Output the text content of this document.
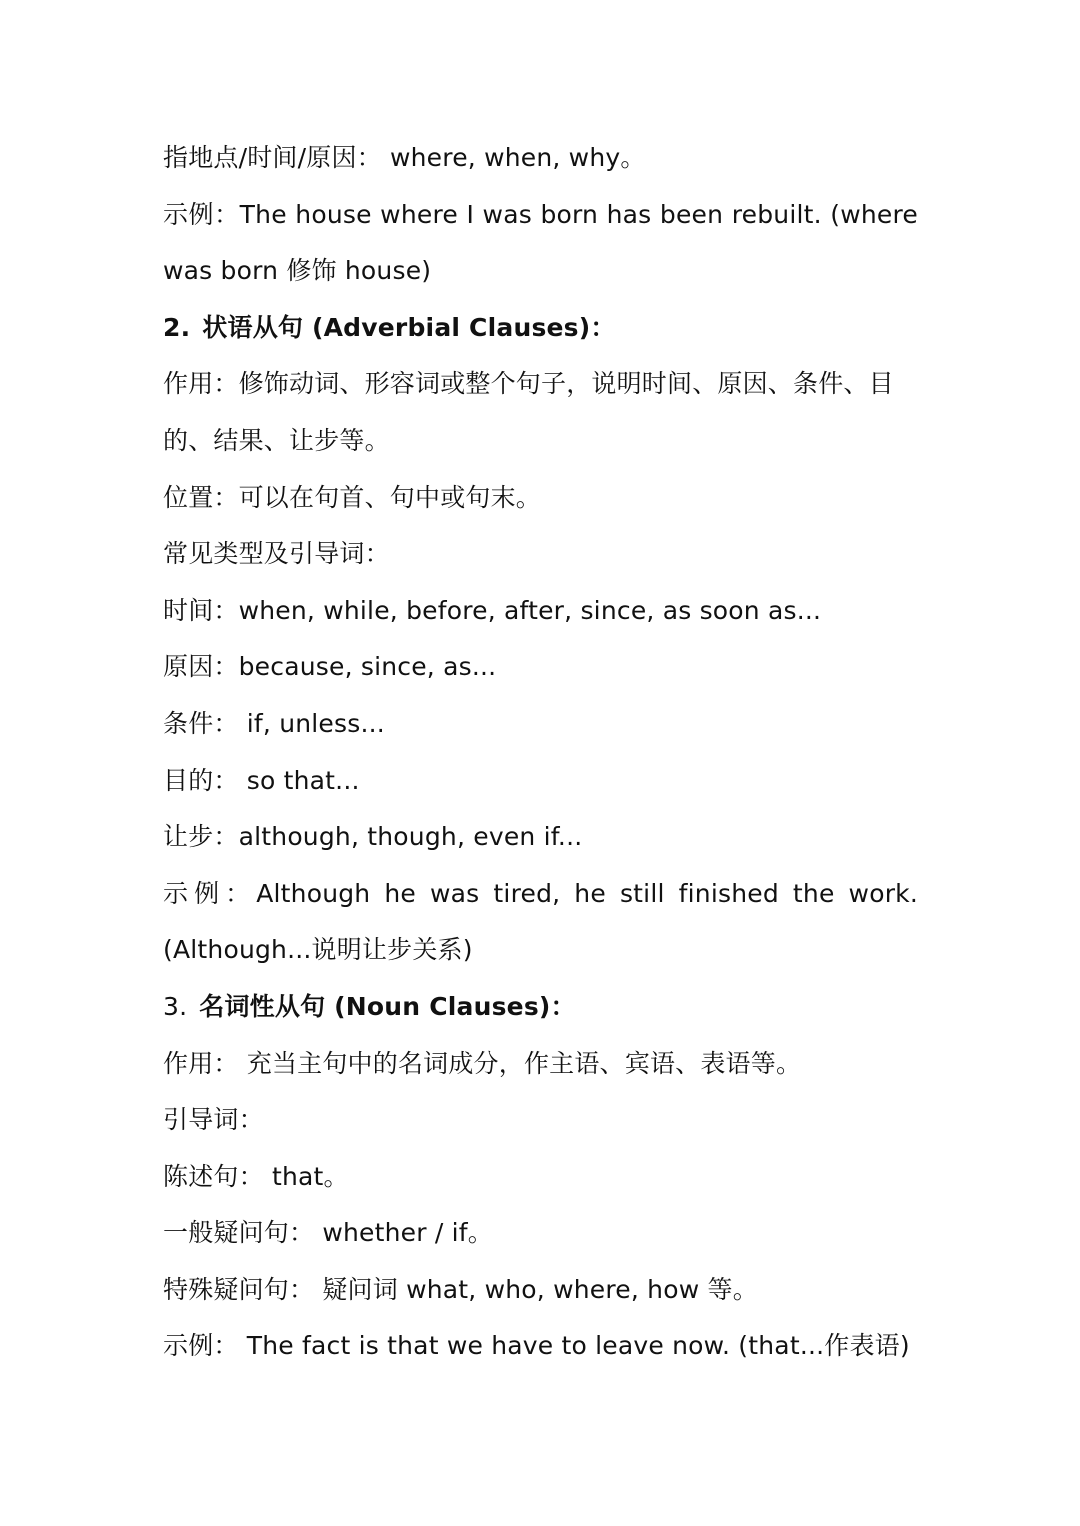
指地点/时间/原因： where, when, why。
示例：The house where I was born has been rebuilt. (where
was born 修饰 house)
2. 状语从句 (Adverbial Clauses)：
作用：修饰动词、形容词或整个句子，说明时间、原因、条件、目
的、结果、让步等。
位置：可以在句首、句中或句末。
常见类型及引导词：
时间：when, while, before, after, since, as soon as...
原因：because, since, as...
条件： if, unless...
目的： so that...
让步：although, though, even if...
示例：Although he was tired, he still finished the work.
(Although...说明让步关系)
3. 名词性从句 (Noun Clauses)：
作用： 充当主句中的名词成分，作主语、宾语、表语等。
引导词：
陈述句： that。
一般疑问句： whether / if。
特殊疑问句： 疑问词 what, who, where, how 等。
示例： The fact is that we have to leave now. (that...作表语)
